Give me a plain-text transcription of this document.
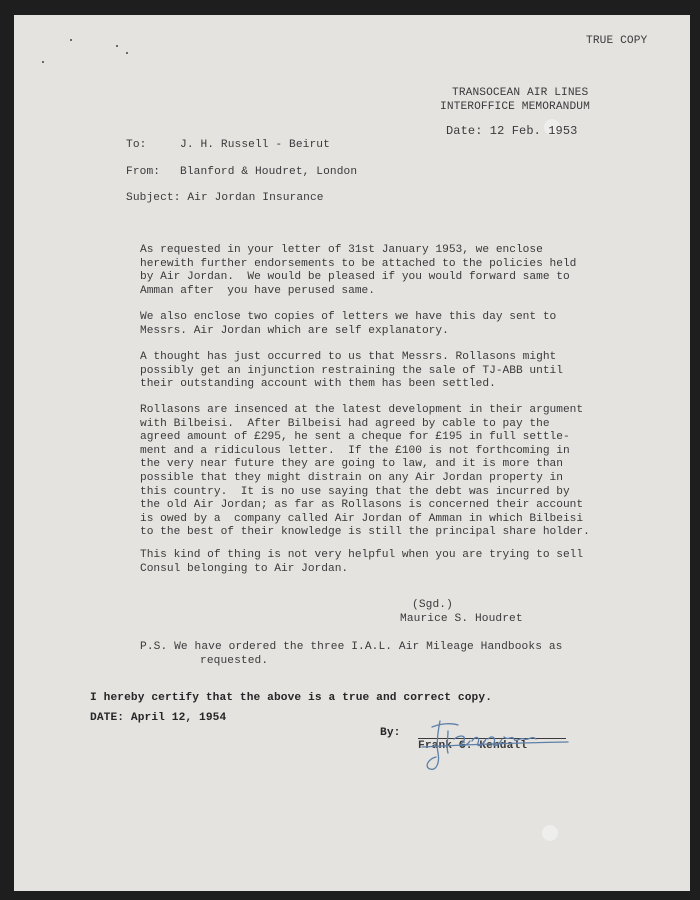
TRUE COPY
TRANSOCEAN AIR LINES
INTEROFFICE MEMORANDUM
Date: 12 Feb. 1953
To:	J. H. Russell - Beirut
From: Blanford & Houdret, London
Subject: Air Jordan Insurance
As requested in your letter of 31st January 1953, we enclose
herewith further endorsements to be attached to the policies held
by Air Jordan.  We would be pleased if you would forward same to
Amman after  you have perused same.
We also enclose two copies of letters we have this day sent to
Messrs. Air Jordan which are self explanatory.
A thought has just occurred to us that Messrs. Rollasons might
possibly get an injunction restraining the sale of TJ-ABB until
their outstanding account with them has been settled.
Rollasons are insenced at the latest development in their argument
with Bilbeisi.  After Bilbeisi had agreed by cable to pay the
agreed amount of £295, he sent a cheque for £195 in full settle-
ment and a ridiculous letter.  If the £100 is not forthcoming in
the very near future they are going to law, and it is more than
possible that they might distrain on any Air Jordan property in
this country.  It is no use saying that the debt was incurred by
the old Air Jordan; as far as Rollasons is concerned their account
is owed by a  company called Air Jordan of Amman in which Bilbeisi
to the best of their knowledge is still the principal share holder.
This kind of thing is not very helpful when you are trying to sell
Consul belonging to Air Jordan.
(Sgd.)
Maurice S. Houdret
P.S. We have ordered the three I.A.L. Air Mileage Handbooks as
requested.
I hereby certify that the above is a true and correct copy.
DATE: April 12, 1954
By:
Frank G. Kendall
